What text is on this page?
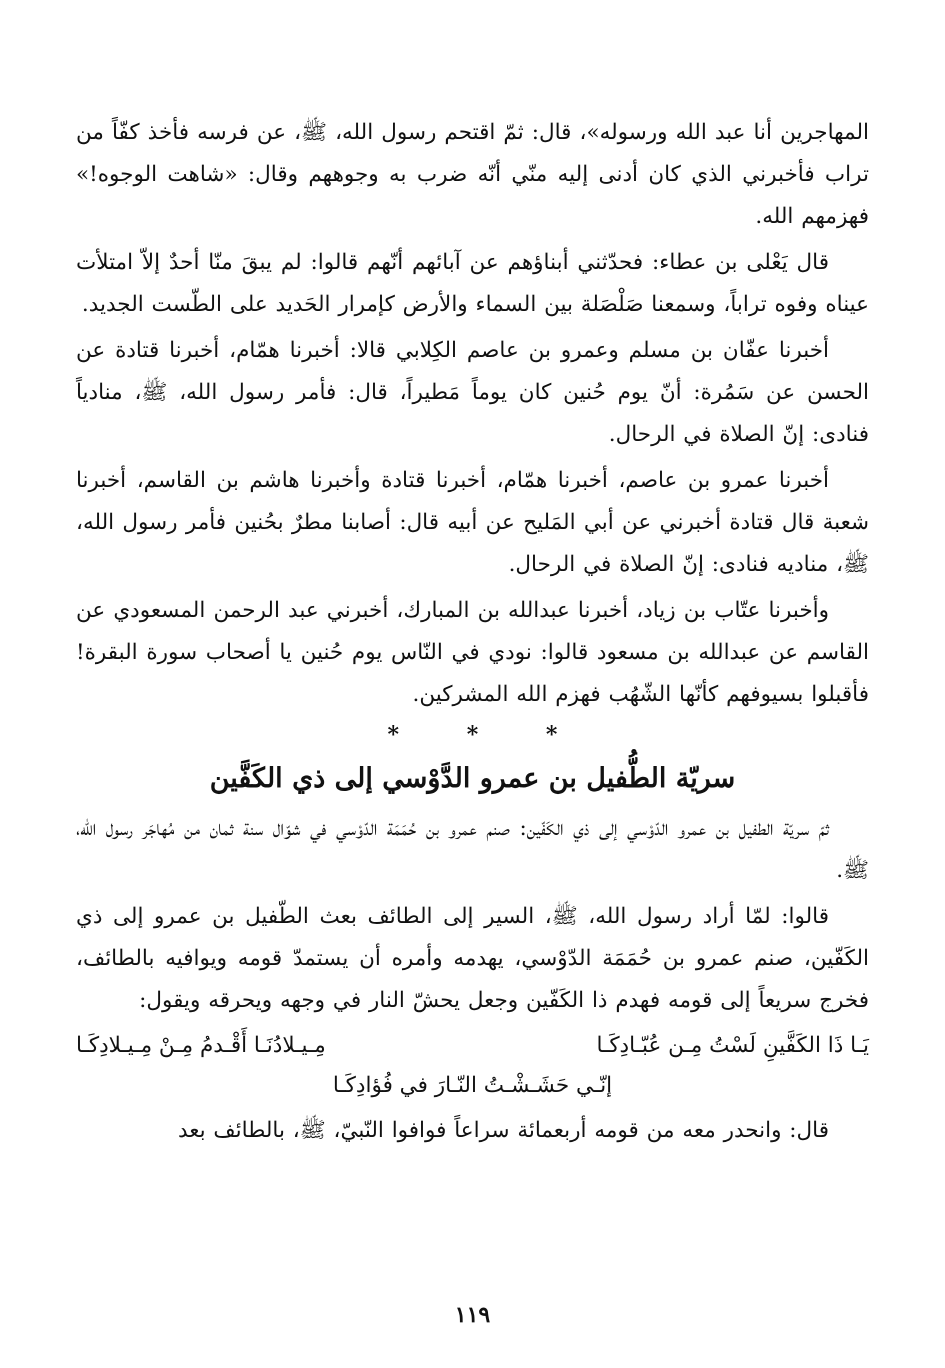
المهاجرين أنا عبد الله ورسوله»، قال: ثمّ اقتحم رسول الله، ﷺ، عن فرسه فأخذ كفّاً من تراب فأخبرني الذي كان أدنى إليه منّي أنّه ضرب به وجوههم وقال: «شاهت الوجوه!» فهزمهم الله.

قال يَعْلى بن عطاء: فحدّثني أبناؤهم عن آبائهم أنّهم قالوا: لم يبقَ منّا أحدٌ إلاّ امتلأت عيناه وفوه تراباً، وسمعنا صَلْصَلة بين السماء والأرض كإمرار الحَديد على الطّست الجديد.

أخبرنا عفّان بن مسلم وعمرو بن عاصم الكِلابي قالا: أخبرنا همّام، أخبرنا قتادة عن الحسن عن سَمُرة: أنّ يوم حُنين كان يوماً مَطيراً، قال: فأمر رسول الله، ﷺ، منادياً فنادى: إنّ الصلاة في الرحال.

أخبرنا عمرو بن عاصم، أخبرنا همّام، أخبرنا قتادة وأخبرنا هاشم بن القاسم، أخبرنا شعبة قال قتادة أخبرني عن أبي المَليح عن أبيه قال: أصابنا مطرٌ بحُنين فأمر رسول الله، ﷺ، مناديه فنادى: إنّ الصلاة في الرحال.

وأخبرنا عتّاب بن زياد، أخبرنا عبدالله بن المبارك، أخبرني عبد الرحمن المسعودي عن القاسم عن عبدالله بن مسعود قالوا: نودي في النّاس يوم حُنين يا أصحاب سورة البقرة! فأقبلوا بسيوفهم كأنّها الشّهُب فهزم الله المشركين.

* * *
سريّة الطُّفيل بن عمرو الدَّوْسي إلى ذي الكَفَّين

ثمّ سريّة الطفيل بن عمرو الدّوْسي إلى ذي الكَفّين: صنم عمرو بن حُمَمَة الدّوْسي في شوّال سنة ثمان من مُهاجَر رسول الله، ﷺ.

قالوا: لمّا أراد رسول الله، ﷺ، السير إلى الطائف بعث الطّفيل بن عمرو إلى ذي الكَفّين، صنم عمرو بن حُمَمَة الدّوْسي، يهدمه وأمره أن يستمدّ قومه ويوافيه بالطائف، فخرج سريعاً إلى قومه فهدم ذا الكَفّين وجعل يحشّ النار في وجهه ويحرقه ويقول:

يَـا ذَا الكَفَّينِ لَسْتُ مِـن عُبّـادِكَـا
مِـيـلادُنَـا أَقْـدمُ مِـنْ مِـيـلادِكَـا
إنّـي حَشَـشْـتُ النّـارَ في فُؤادِكَـا

قال: وانحدر معه من قومه أربعمائة سراعاً فوافوا النّبيّ، ﷺ، بالطائف بعد

١١٩
